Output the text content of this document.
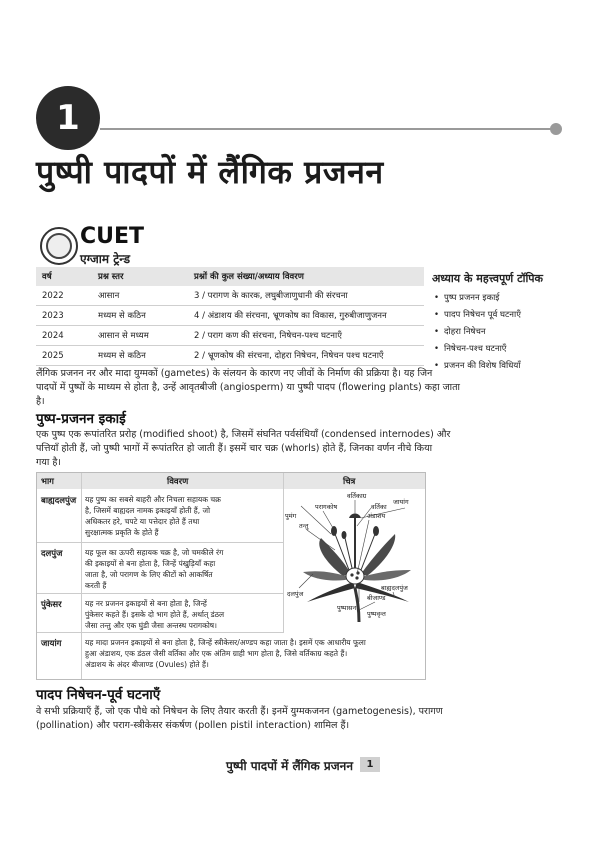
1
पुष्पी पादपों में लैंगिक प्रजनन
CUET
एग्जाम ट्रेन्ड
वर्ष	प्रश्न स्तर	प्रश्नों की कुल संख्या/अध्याय विवरण
2022	आसान	3 / परागण के कारक, लघुबीजाणुधानी की संरचना
2023	मध्यम से कठिन	4 / अंडाशय की संरचना, भ्रूणकोष का विकास, गुरुबीजाणुजनन
2024	आसान से मध्यम	2 / पराग कण की संरचना, निषेचन-पश्च घटनाएँ
2025	मध्यम से कठिन	2 / भ्रूणकोष की संरचना, दोहरा निषेचन, निषेचन पश्च घटनाएँ
अध्याय के महत्त्वपूर्ण टॉपिक
• पुष्प प्रजनन इकाई
• पादप निषेचन पूर्व घटनाएँ
• दोहरा निषेचन
• निषेचन-पश्च घटनाएँ
• प्रजनन की विशेष विधियाँ
लैंगिक प्रजनन नर और मादा युग्मकों (gametes) के संलयन के कारण नए जीवों के निर्माण की प्रक्रिया है। यह जिन
पादपों में पुष्पों के माध्यम से होता है, उन्हें आवृतबीजी (angiosperm) या पुष्पी पादप (flowering plants) कहा जाता
है।
पुष्प-प्रजनन इकाई
एक पुष्प एक रूपांतरित प्ररोह (modified shoot) है, जिसमें संघनित पर्वसंधियाँ (condensed internodes) और
पत्तियाँ होती हैं, जो पुष्पी भागों में रूपांतरित हो जाती हैं। इसमें चार चक्र (whorls) होते हैं, जिनका वर्णन नीचे किया
गया है।
भाग	विवरण	चित्र
बाह्यदलपुंज यह पुष्प का सबसे बाहरी और निचला सहायक चक्र
है, जिसमें बाह्यदल नामक इकाइयाँ होती हैं, जो
अधिकतर हरे, चपटे या पत्तेदार होते हैं तथा
सुरक्षात्मक प्रकृति के होते हैं
दलपुंज	यह फूल का ऊपरी सहायक चक्र है, जो चमकीले रंग
की इकाइयों से बना होता है, जिन्हें पंखुड़ियाँ कहा
जाता है, जो परागण के लिए कीटों को आकर्षित
करती हैं
पुंकेसर	यह नर प्रजनन इकाइयों से बना होता है, जिन्हें
पुंकेसर कहते हैं। इसके दो भाग होते हैं, अर्थात् डंठल
जैसा तन्तु और एक घुंडी जैसा अन्तस्थ परागकोष।
जायांग	यह मादा प्रजनन इकाइयों से बना होता है, जिन्हें स्त्रीकेसर/अण्डप कहा जाता है। इसमें एक आधारीय फूला
हुआ अंडाशय, एक डंठल जैसी वर्तिका और एक अंतिम ग्राही भाग होता है, जिसे वर्तिकाग्र कहते हैं।
अंडाशय के अंदर बीजाण्ड (Ovules) होते हैं।
वर्तिकाग्र
वर्तिका
अंडाशय
परागकोष
पुमंग
तन्तु
जायांग
दलपुंज
बाह्यदलपुंज
पुष्पासन
बीजाण्ड
पुष्पवृन्त
पादप निषेचन-पूर्व घटनाएँ
वे सभी प्रक्रियाएँ हैं, जो एक पौधे को निषेचन के लिए तैयार करती हैं। इनमें युग्मकजनन (gametogenesis), परागण
(pollination) और पराग-स्त्रीकेसर संकर्षण (pollen pistil interaction) शामिल हैं।
पुष्पी पादपों में लैंगिक प्रजनन 1
